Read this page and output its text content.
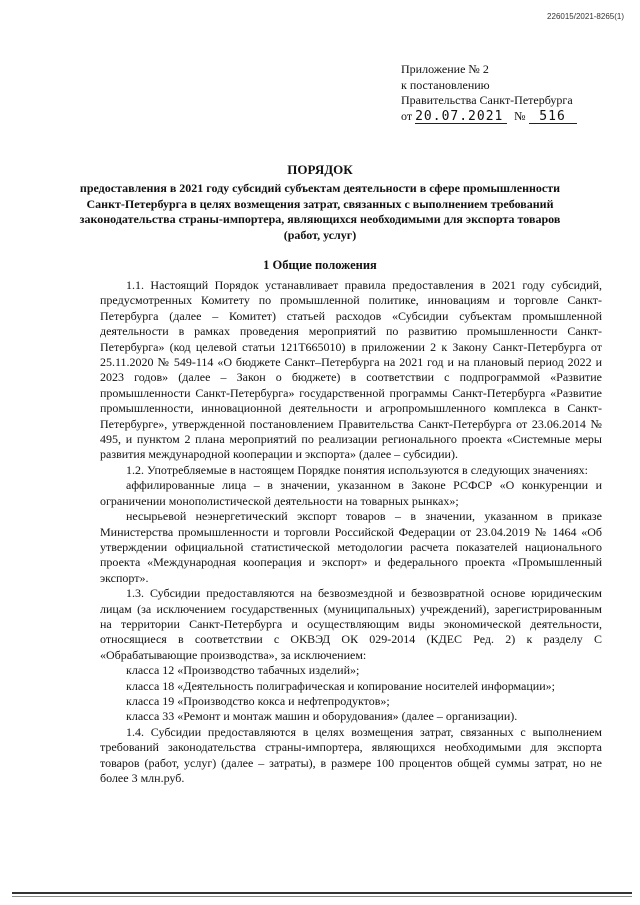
226015/2021-8265(1)
Приложение № 2
к постановлению
Правительства Санкт-Петербурга
от 20.07.2021 № 516
ПОРЯДОК
предоставления в 2021 году субсидий субъектам деятельности в сфере промышленности Санкт-Петербурга в целях возмещения затрат, связанных с выполнением требований законодательства страны-импортера, являющихся необходимыми для экспорта товаров (работ, услуг)
1 Общие положения

1.1. Настоящий Порядок устанавливает правила предоставления в 2021 году субсидий, предусмотренных Комитету по промышленной политике, инновациям и торговле Санкт-Петербурга (далее – Комитет) статьей расходов «Субсидии субъектам промышленной деятельности в рамках проведения мероприятий по развитию промышленности Санкт-Петербурга» (код целевой статьи 121Т665010) в приложении 2 к Закону Санкт-Петербурга от 25.11.2020 № 549-114 «О бюджете Санкт–Петербурга на 2021 год и на плановый период 2022 и 2023 годов» (далее – Закон о бюджете) в соответствии с подпрограммой «Развитие промышленности Санкт-Петербурга» государственной программы Санкт-Петербурга «Развитие промышленности, инновационной деятельности и агропромышленного комплекса в Санкт-Петербурге», утвержденной постановлением Правительства Санкт-Петербурга от 23.06.2014 № 495, и пунктом 2 плана мероприятий по реализации регионального проекта «Системные меры развития международной кооперации и экспорта» (далее – субсидии).

1.2. Употребляемые в настоящем Порядке понятия используются в следующих значениях:

аффилированные лица – в значении, указанном в Законе РСФСР «О конкуренции и ограничении монополистической деятельности на товарных рынках»;

несырьевой неэнергетический экспорт товаров – в значении, указанном в приказе Министерства промышленности и торговли Российской Федерации от 23.04.2019 № 1464 «Об утверждении официальной статистической методологии расчета показателей национального проекта «Международная кооперация и экспорт» и федерального проекта «Промышленный экспорт».

1.3. Субсидии предоставляются на безвозмездной и безвозвратной основе юридическим лицам (за исключением государственных (муниципальных) учреждений), зарегистрированным на территории Санкт-Петербурга и осуществляющим виды экономической деятельности, относящиеся в соответствии с ОКВЭД ОК 029-2014 (КДЕС Ред. 2) к разделу С «Обрабатывающие производства», за исключением:

класса 12 «Производство табачных изделий»;

класса 18 «Деятельность полиграфическая и копирование носителей информации»;

класса 19 «Производство кокса и нефтепродуктов»;

класса 33 «Ремонт и монтаж машин и оборудования» (далее – организации).

1.4. Субсидии предоставляются в целях возмещения затрат, связанных с выполнением требований законодательства страны-импортера, являющихся необходимыми для экспорта товаров (работ, услуг) (далее – затраты), в размере 100 процентов общей суммы затрат, но не более 3 млн.руб.
